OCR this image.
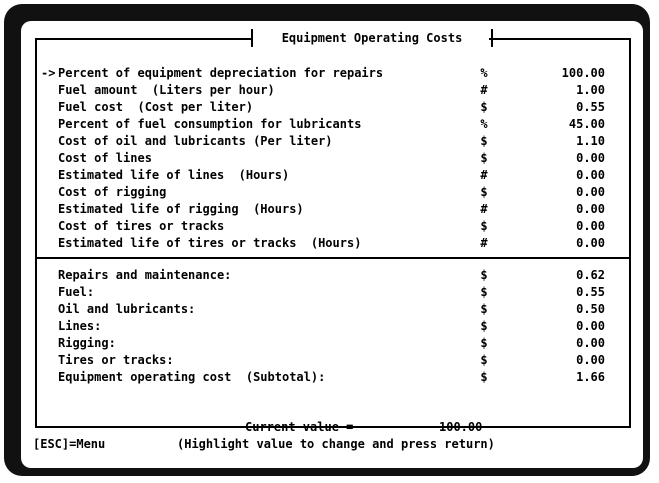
Equipment Operating Costs
-> Percent of equipment depreciation for repairs	%	100.00
Fuel amount  (Liters per hour)	#	1.00
Fuel cost  (Cost per liter)	$	0.55
Percent of fuel consumption for lubricants	%	45.00
Cost of oil and lubricants (Per liter)	$	1.10
Cost of lines	$	0.00
Estimated life of lines  (Hours)	#	0.00
Cost of rigging	$	0.00
Estimated life of rigging  (Hours)	#	0.00
Cost of tires or tracks	$	0.00
Estimated life of tires or tracks  (Hours)	#	0.00
Repairs and maintenance:	$	0.62
Fuel:	$	0.55
Oil and lubricants:	$	0.50
Lines:	$	0.00
Rigging:	$	0.00
Tires or tracks:	$	0.00
Equipment operating cost  (Subtotal):	$	1.66
Current value =	100.00
[ESC]=Menu	(Highlight value to change and press return)
